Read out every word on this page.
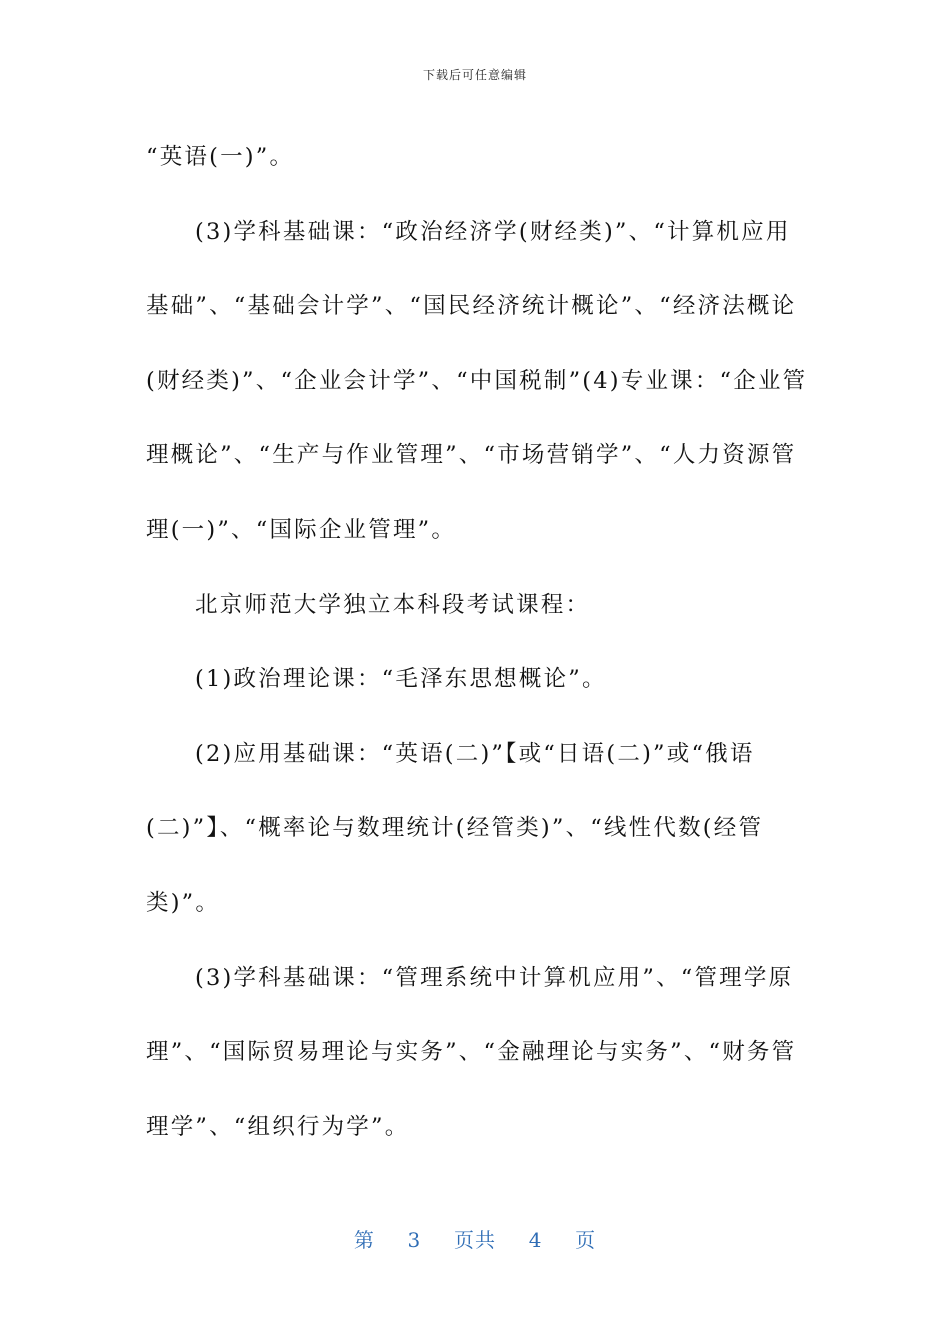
下载后可任意编辑

“英语(一)”。

(3)学科基础课：“政治经济学(财经类)”、“计算机应用基础”、“基础会计学”、“国民经济统计概论”、“经济法概论(财经类)”、“企业会计学”、“中国税制”(4)专业课：“企业管理概论”、“生产与作业管理”、“市场营销学”、“人力资源管理(一)”、“国际企业管理”。

北京师范大学独立本科段考试课程：

(1)政治理论课：“毛泽东思想概论”。

(2)应用基础课：“英语(二)”【或“日语(二)”或“俄语(二)”】、“概率论与数理统计(经管类)”、“线性代数(经管类)”。

(3)学科基础课：“管理系统中计算机应用”、“管理学原理”、“国际贸易理论与实务”、“金融理论与实务”、“财务管理学”、“组织行为学”。

第 3 页共 4 页
